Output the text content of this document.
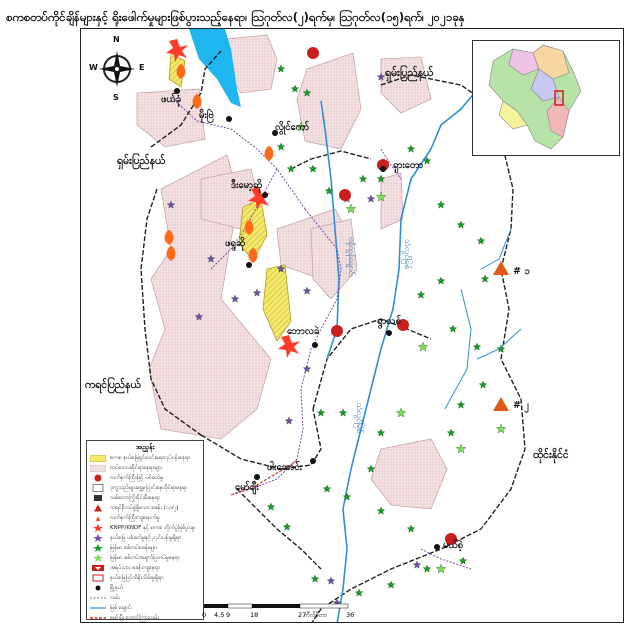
စကစတပ်ကိုင်ချိန်များနှင့် ရိုးဖေါက်မှုများဖြစ်ပွားသည့်နေရာ၊ ဩဂုတ်လ(၂)ရက်မှ၊ ဩဂုတ်လ(၁၅)ရက်၊ ၂၀၂၁ခုနှ
N
S
E
W
ဖယ်ခုံ
မိုးဗြဲ
လွိုင်ကော်
ဒီးမော့ဆို
ရှားတော
ဖရူဆို
ဘောလခဲ
ရွာသစ်
ဖါးဆောင်း
မော်ချီး
မယ်စဲ့
ရှမ်းပြည်နယ်
ရှမ်းပြည်နယ်
ကရင်ပြည်နယ်
ထိုင်းနိုင်ငံ
ဗန်ထွန်ချောင်း	သံလွင်မြစ်
သံလွင်မြစ်
# ၁
# ၂
အညွှန်း
စကစ နယ်မြေရှင်းလင်းရေးလုပ်ငန်းနေရာ
တပ်ဒေသဆိုင်ရာနေရာများ
လက်နက်ကြီးဖြင့် ပစ်ခတ်မှု
ဒုက္ခသည်များရွှေ့ပြောင်းနေထိုင်ရာနေရာ
သစ်တောကြိုးဝိုင်းစီးနေရာ
ကရင်နီတပ်ဖွဲ့ရှိသော စခန်း (၁၁/၂)
လက်နက်ကြီးကျရောက်မှု
KNPP/KNDF နှင့် စကစ တိုက်ပွဲဖြစ်ပွားမှု
နယ်မြေ ပစ်ခတ်မှုနှင့် ညှင်းပန်းမှုရှိရာ
မြန်မာ စစ်တပ်စခန်းများ
မြန်မာ စစ်တပ်အချက်ပြတပ်မှုနေရာ
အရပ်သား စခန်းကျနေရာ
နယ်မြေပြင်ထိန်းသိမ်းမှုရှိရာ
မြို့နယ်
လမ်း
မြစ် ချောင်း
မော်ချီး တောင်ကြားလမ်း	0 4.5 9	18	27	36
ကီလိုမီတာ
